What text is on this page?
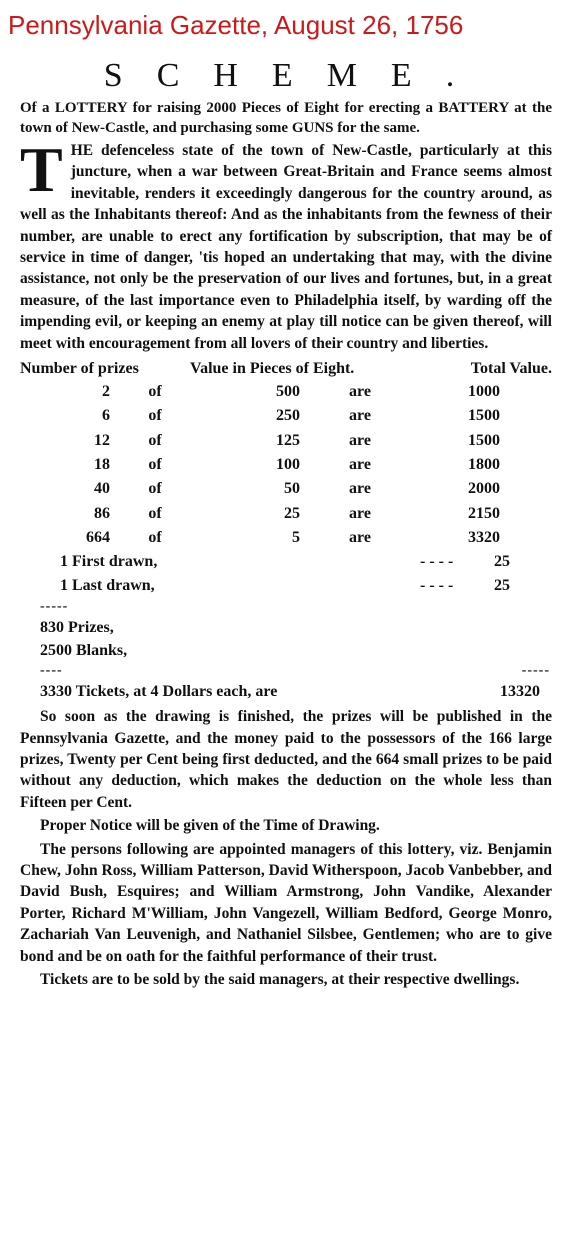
Pennsylvania Gazette, August 26, 1756
SCHEME.

Of a LOTTERY for raising 2000 Pieces of Eight for erecting a BATTERY at the town of New-Castle, and purchasing some GUNS for the same.

THE defenceless state of the town of New-Castle, particularly at this juncture, when a war between Great-Britain and France seems almost inevitable, renders it exceedingly dangerous for the country around, as well as the Inhabitants thereof: And as the inhabitants from the fewness of their number, are unable to erect any fortification by subscription, that may be of service in time of danger, 'tis hoped an undertaking that may, with the divine assistance, not only be the preservation of our lives and fortunes, but, in a great measure, of the last importance even to Philadelphia itself, by warding off the impending evil, or keeping an enemy at play till notice can be given thereof, will meet with encouragement from all lovers of their country and liberties.

Number of prizes	Value in Pieces of Eight.	Total Value.
2	of	500	are	1000
6	of	250	are	1500
12	of	125	are	1500
18	of	100	are	1800
40	of	50	are	2000
86	of	25	are	2150
664	of	5	are	3320
1 First drawn,	- - - -	25
1 Last drawn,	- - - -	25
-----
830 Prizes,
2500 Blanks,
----	-----
3330 Tickets, at 4 Dollars each, are	13320

So soon as the drawing is finished, the prizes will be published in the Pennsylvania Gazette, and the money paid to the possessors of the 166 large prizes, Twenty per Cent being first deducted, and the 664 small prizes to be paid without any deduction, which makes the deduction on the whole less than Fifteen per Cent.

Proper Notice will be given of the Time of Drawing.

The persons following are appointed managers of this lottery, viz. Benjamin Chew, John Ross, William Patterson, David Witherspoon, Jacob Vanbebber, and David Bush, Esquires; and William Armstrong, John Vandike, Alexander Porter, Richard M'William, John Vangezell, William Bedford, George Monro, Zachariah Van Leuvenigh, and Nathaniel Silsbee, Gentlemen; who are to give bond and be on oath for the faithful performance of their trust.

Tickets are to be sold by the said managers, at their respective dwellings.
